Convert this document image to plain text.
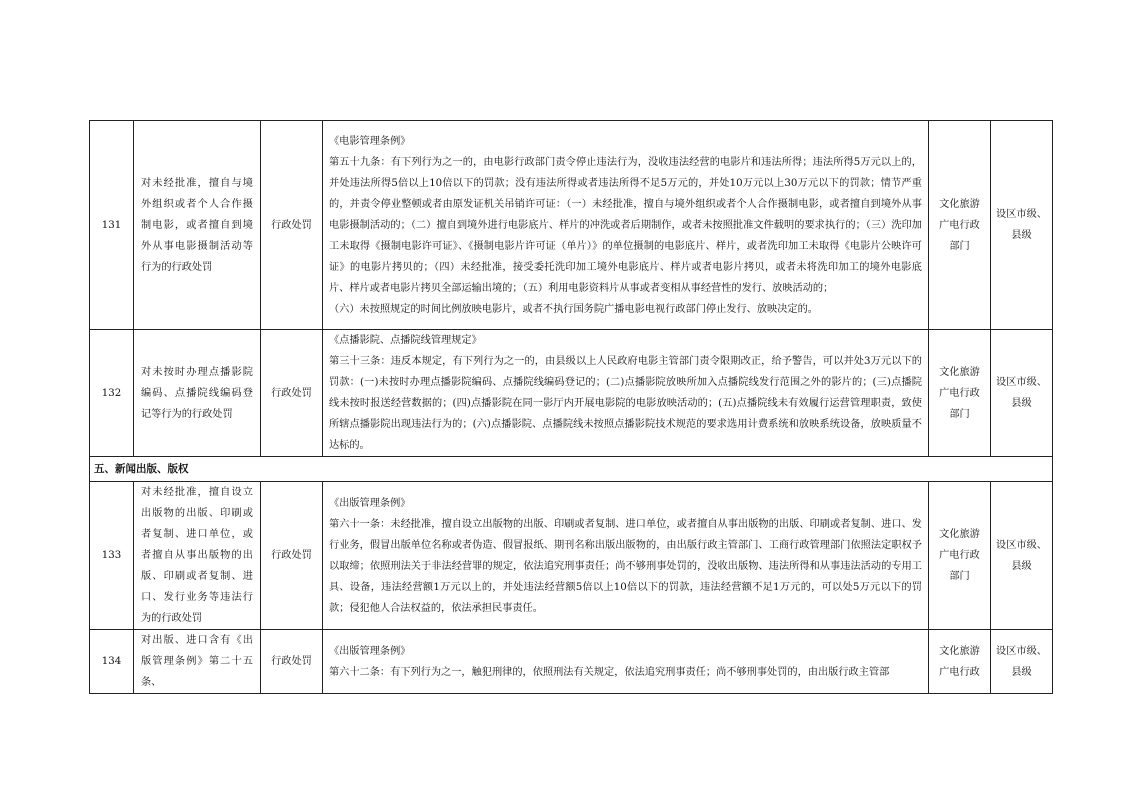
131	对未经批准，擅自与境外组织或者个人合作摄制电影，或者擅自到境外从事电影摄制活动等行为的行政处罚	行政处罚	《电影管理条例》
第五十九条：有下列行为之一的，由电影行政部门责令停止违法行为，没收违法经营的电影片和违法所得；违法所得5万元以上的，并处违法所得5倍以上10倍以下的罚款；没有违法所得或者违法所得不足5万元的，并处10万元以上30万元以下的罚款；情节严重的，并责令停业整顿或者由原发证机关吊销许可证：（一）未经批准，擅自与境外组织或者个人合作摄制电影，或者擅自到境外从事电影摄制活动的；（二）擅自到境外进行电影底片、样片的冲洗或者后期制作，或者未按照批准文件载明的要求执行的；（三）洗印加工未取得《摄制电影许可证》、《摄制电影片许可证（单片）》的单位摄制的电影底片、样片，或者洗印加工未取得《电影片公映许可证》的电影片拷贝的；（四）未经批准，接受委托洗印加工境外电影底片、样片或者电影片拷贝，或者未将洗印加工的境外电影底片、样片或者电影片拷贝全部运输出境的；（五）利用电影资料片从事或者变相从事经营性的发行、放映活动的；
（六）未按照规定的时间比例放映电影片，或者不执行国务院广播电影电视行政部门停止发行、放映决定的。	文化旅游广电行政部门	设区市级、县级
132	对未按时办理点播影院编码、点播院线编码登记等行为的行政处罚	行政处罚	《点播影院、点播院线管理规定》
第三十三条：违反本规定，有下列行为之一的，由县级以上人民政府电影主管部门责令限期改正，给予警告，可以并处3万元以下的罚款：(一)未按时办理点播影院编码、点播院线编码登记的；(二)点播影院放映所加入点播院线发行范围之外的影片的；(三)点播院线未按时报送经营数据的；(四)点播影院在同一影厅内开展电影院的电影放映活动的；(五)点播院线未有效履行运营管理职责，致使所辖点播影院出现违法行为的；(六)点播影院、点播院线未按照点播影院技术规范的要求选用计费系统和放映系统设备，放映质量不达标的。	文化旅游广电行政部门	设区市级、县级
五、新闻出版、版权					
133	对未经批准，擅自设立出版物的出版、印刷或者复制、进口单位，或者擅自从事出版物的出版、印刷或者复制、进口、发行业务等违法行为的行政处罚	行政处罚	《出版管理条例》
第六十一条：未经批准，擅自设立出版物的出版、印刷或者复制、进口单位，或者擅自从事出版物的出版、印刷或者复制、进口、发行业务，假冒出版单位名称或者伪造、假冒报纸、期刊名称出版出版物的，由出版行政主管部门、工商行政管理部门依照法定职权予以取缔；依照刑法关于非法经营罪的规定，依法追究刑事责任；尚不够刑事处罚的，没收出版物、违法所得和从事违法活动的专用工具、设备，违法经营额1万元以上的，并处违法经营额5倍以上10倍以下的罚款，违法经营额不足1万元的，可以处5万元以下的罚款；侵犯他人合法权益的，依法承担民事责任。	文化旅游广电行政部门	设区市级、县级
134	对出版、进口含有《出版管理条例》第二十五条、	行政处罚	《出版管理条例》
第六十二条：有下列行为之一，触犯刑律的，依照刑法有关规定，依法追究刑事责任；尚不够刑事处罚的，由出版行政主管部	文化旅游广电行政	设区市级、县级
